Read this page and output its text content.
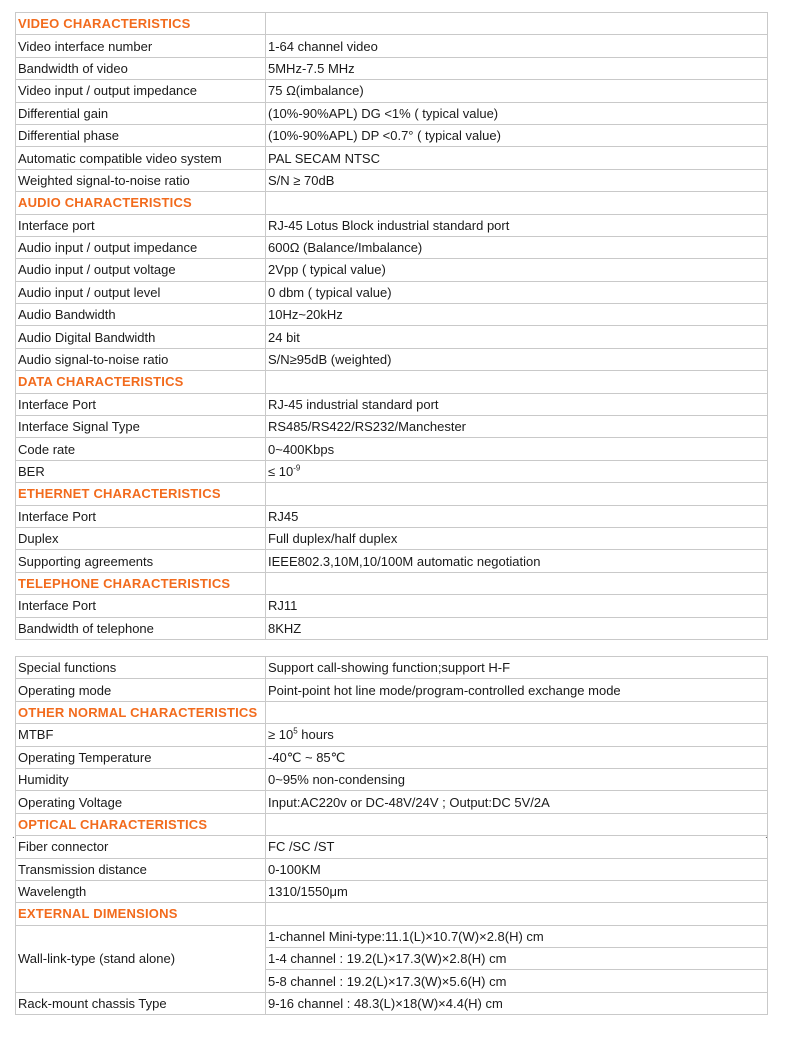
VIDEO CHARACTERISTICS	
Video interface number	1-64 channel video
Bandwidth of video	5MHz-7.5 MHz
Video input / output impedance	75 Ω(imbalance)
Differential gain	(10%-90%APL) DG <1% ( typical value)
Differential phase	(10%-90%APL) DP <0.7° ( typical value)
Automatic compatible video system	PAL SECAM NTSC
Weighted signal-to-noise ratio	S/N ≥ 70dB
AUDIO CHARACTERISTICS	
Interface port	RJ-45 Lotus Block industrial standard port
Audio input / output impedance	600Ω (Balance/Imbalance)
Audio input / output voltage	2Vpp ( typical value)
Audio input / output level	0 dbm ( typical value)
Audio Bandwidth	10Hz~20kHz
Audio Digital Bandwidth	24 bit
Audio signal-to-noise ratio	S/N≥95dB (weighted)
DATA CHARACTERISTICS	
Interface Port	RJ-45 industrial standard port
Interface Signal Type	RS485/RS422/RS232/Manchester
Code rate	0~400Kbps
BER	≤ $10^{-9}$
ETHERNET CHARACTERISTICS	
Interface Port	RJ45
Duplex	Full duplex/half duplex
Supporting agreements	IEEE802.3,10M,10/100M automatic negotiation
TELEPHONE CHARACTERISTICS	
Interface Port	RJ11
Bandwidth of telephone	8KHZ
.	.
Special functions	Support call-showing function;support H-F
Operating mode	Point-point hot line mode/program-controlled exchange mode
OTHER NORMAL CHARACTERISTICS	
MTBF	≥ $10^5$ hours
Operating Temperature	-40℃ ~ 85℃
Humidity	0~95% non-condensing
Operating Voltage	Input:AC220v or DC-48V/24V ; Output:DC 5V/2A
OPTICAL CHARACTERISTICS	
Fiber connector	FC /SC /ST
Transmission distance	0-100KM
Wavelength	1310/1550μm
EXTERNAL DIMENSIONS	
Wall-link-type (stand alone)	1-channel Mini-type:11.1(L)×10.7(W)×2.8(H) cm
	1-4 channel : 19.2(L)×17.3(W)×2.8(H) cm
	5-8 channel : 19.2(L)×17.3(W)×5.6(H) cm
Rack-mount chassis Type	9-16 channel : 48.3(L)×18(W)×4.4(H) cm
